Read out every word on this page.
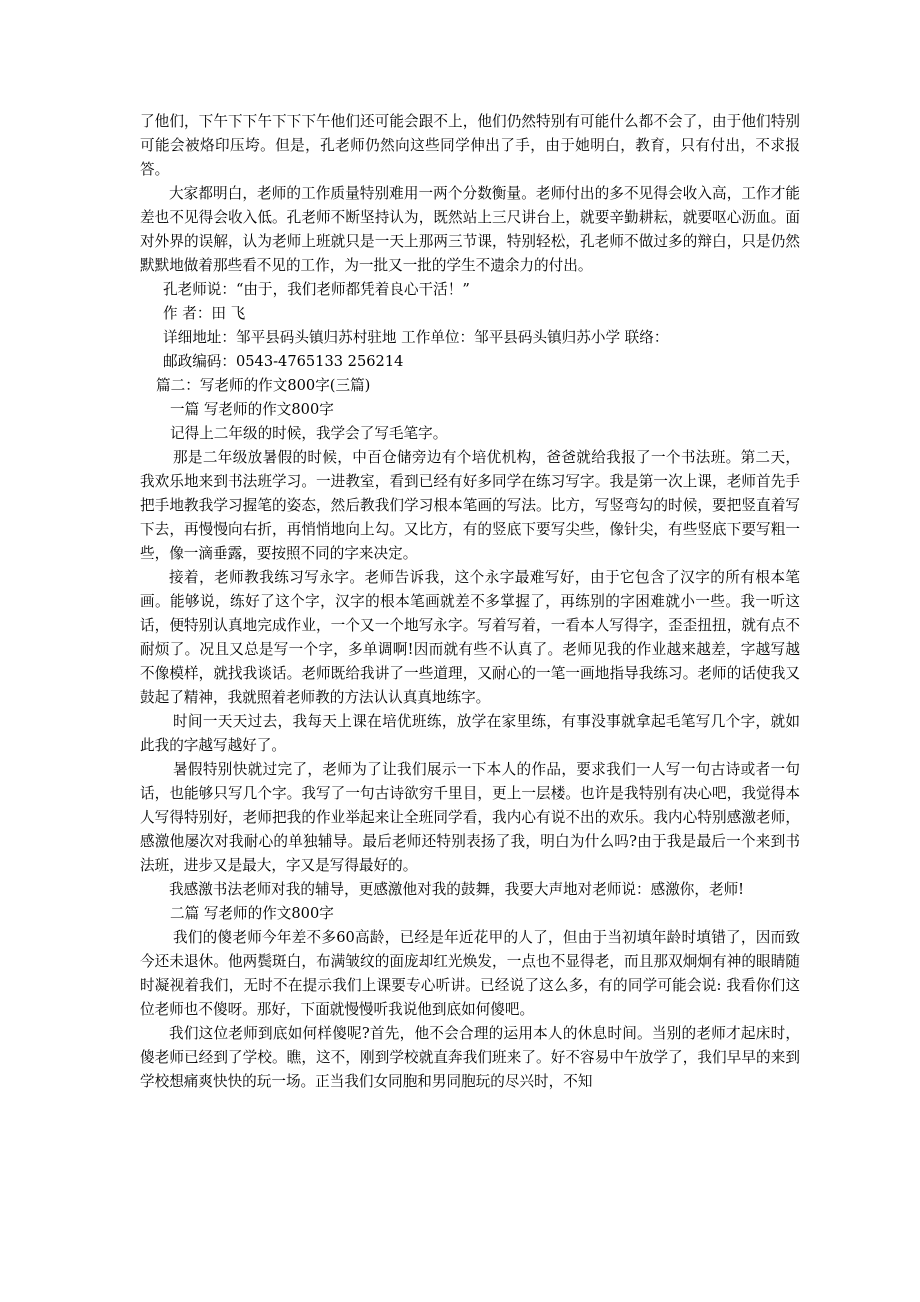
了他们，下午下下午下下下午他们还可能会跟不上，他们仍然特别有可能什么都不会了，由于他们特别可能会被烙印压垮。但是，孔老师仍然向这些同学伸出了手，由于她明白，教育，只有付出，不求报答。

大家都明白，老师的工作质量特别难用一两个分数衡量。老师付出的多不见得会收入高，工作才能差也不见得会收入低。孔老师不断坚持认为，既然站上三尺讲台上，就要辛勤耕耘，就要呕心沥血。面对外界的误解，认为老师上班就只是一天上那两三节课，特别轻松，孔老师不做过多的辩白，只是仍然默默地做着那些看不见的工作，为一批又一批的学生不遗余力的付出。

孔老师说：“由于，我们老师都凭着良心干活！”

作 者：田 飞

详细地址：邹平县码头镇归苏村驻地 工作单位：邹平县码头镇归苏小学 联络：

邮政编码：0543-4765133 256214

篇二：写老师的作文800字(三篇)

一篇 写老师的作文800字

记得上二年级的时候，我学会了写毛笔字。

那是二年级放暑假的时候，中百仓储旁边有个培优机构，爸爸就给我报了一个书法班。第二天，我欢乐地来到书法班学习。一进教室，看到已经有好多同学在练习写字。我是第一次上课，老师首先手把手地教我学习握笔的姿态，然后教我们学习根本笔画的写法。比方，写竖弯勾的时候，要把竖直着写下去，再慢慢向右折，再悄悄地向上勾。又比方，有的竖底下要写尖些，像针尖，有些竖底下要写粗一些，像一滴垂露，要按照不同的字来决定。

接着，老师教我练习写永字。老师告诉我，这个永字最难写好，由于它包含了汉字的所有根本笔画。能够说，练好了这个字，汉字的根本笔画就差不多掌握了，再练别的字困难就小一些。我一听这话，便特别认真地完成作业，一个又一个地写永字。写着写着，一看本人写得字，歪歪扭扭，就有点不耐烦了。况且又总是写一个字，多单调啊!因而就有些不认真了。老师见我的作业越来越差，字越写越不像模样，就找我谈话。老师既给我讲了一些道理，又耐心的一笔一画地指导我练习。老师的话使我又鼓起了精神，我就照着老师教的方法认认真真地练字。

时间一天天过去，我每天上课在培优班练，放学在家里练，有事没事就拿起毛笔写几个字，就如此我的字越写越好了。

暑假特别快就过完了，老师为了让我们展示一下本人的作品，要求我们一人写一句古诗或者一句话，也能够只写几个字。我写了一句古诗欲穷千里目，更上一层楼。也许是我特别有决心吧，我觉得本人写得特别好，老师把我的作业举起来让全班同学看，我内心有说不出的欢乐。我内心特别感激老师，感激他屡次对我耐心的单独辅导。最后老师还特别表扬了我，明白为什么吗?由于我是最后一个来到书法班，进步又是最大，字又是写得最好的。

我感激书法老师对我的辅导，更感激他对我的鼓舞，我要大声地对老师说：感激你，老师!

二篇 写老师的作文800字

我们的傻老师今年差不多60高龄，已经是年近花甲的人了，但由于当初填年龄时填错了，因而致今还未退休。他两鬓斑白，布满皱纹的面庞却红光焕发，一点也不显得老，而且那双炯炯有神的眼睛随时凝视着我们，无时不在提示我们上课要专心听讲。已经说了这么多，有的同学可能会说: 我看你们这位老师也不傻呀。那好，下面就慢慢听我说他到底如何傻吧。

我们这位老师到底如何样傻呢?首先，他不会合理的运用本人的休息时间。当别的老师才起床时，傻老师已经到了学校。瞧，这不，刚到学校就直奔我们班来了。好不容易中午放学了，我们早早的来到学校想痛爽快快的玩一场。正当我们女同胞和男同胞玩的尽兴时，不知
